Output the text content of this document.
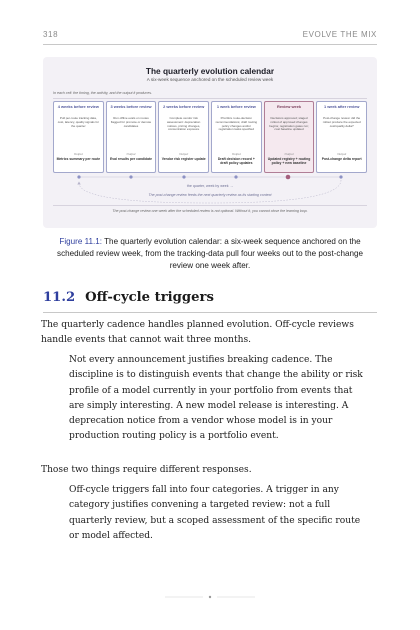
318	EVOLVE THE MIX
The quarterly evolution calendar
A six-week sequence anchored on the scheduled review week
In each cell: the timing, the activity, and the output it produces.
4 weeks before review
Pull per-route tracking data, cost, latency, quality signals for the quarter
Output
Metrics summary per route
3 weeks before review
Run offline evals on routes flagged for promote or demote candidates
Output
Eval results per candidate
2 weeks before review
Complete vendor risk assessment: deprecation notices, pricing changes, concentration exposure
Output
Vendor risk register update
1 week before review
Prioritize route-decision recommendations; draft routing policy changes and/or registration tasks specified
Output
Draft decision record + draft policy updates
Review week
Decisions approved; staged rollout of approved changes begins; registration gates run; cost baseline updated
Output
Updated registry + routing policy + new baseline
1 week after review
Post-change review: did the rollout produce the expected cost/quality delta?
Output
Post-change delta report
the quarter, week by week →
The post-change review feeds the next quarterly review as its starting context
The post-change review one week after the scheduled review is not optional. Without it, you cannot close the learning loop.
Figure 11.1: The quarterly evolution calendar: a six-week sequence anchored on the scheduled review week, from the tracking-data pull four weeks out to the post-change review one week after.
11.2 Off-cycle triggers

The quarterly cadence handles planned evolution. Off-cycle reviews handle events that cannot wait three months.

Not every announcement justifies breaking cadence. The discipline is to distinguish events that change the ability or risk profile of a model currently in your portfolio from events that are simply interesting. A new model release is interesting. A deprecation notice from a vendor whose model is in your production routing policy is a portfolio event.

Those two things require different responses.

Off-cycle triggers fall into four categories. A trigger in any category justifies convening a targeted review: not a full quarterly review, but a scoped assessment of the specific route or model affected.
